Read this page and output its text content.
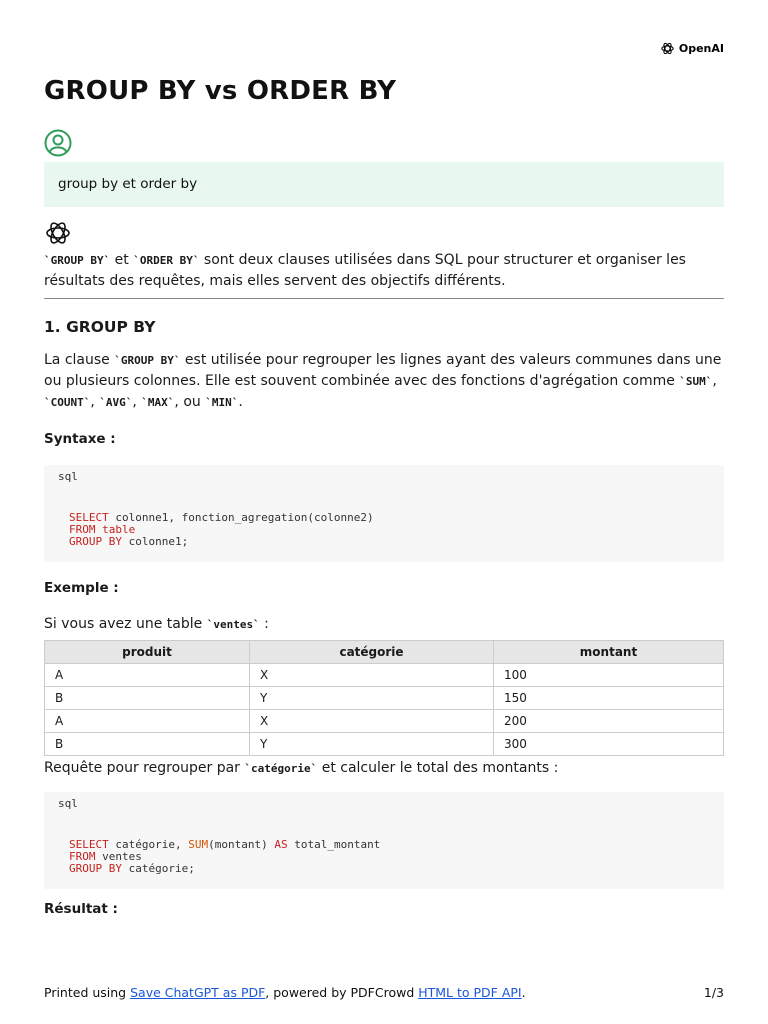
OpenAI
GROUP BY vs ORDER BY
group by et order by

`GROUP BY` et `ORDER BY` sont deux clauses utilisées dans SQL pour structurer et organiser les résultats des requêtes, mais elles servent des objectifs différents.

1. GROUP BY

La clause `GROUP BY` est utilisée pour regrouper les lignes ayant des valeurs communes dans une ou plusieurs colonnes. Elle est souvent combinée avec des fonctions d'agrégation comme `SUM`, `COUNT`, `AVG`, `MAX`, ou `MIN`.

Syntaxe :

sql
SELECT colonne1, fonction_agregation(colonne2)
FROM table
GROUP BY colonne1;

Exemple :

Si vous avez une table `ventes` :

produit	catégorie	montant
A	X	100
B	Y	150
A	X	200
B	Y	300

Requête pour regrouper par `catégorie` et calculer le total des montants :

sql
SELECT catégorie, SUM(montant) AS total_montant
FROM ventes
GROUP BY catégorie;

Résultat :

Printed using Save ChatGPT as PDF, powered by PDFCrowd HTML to PDF API.	1/3
